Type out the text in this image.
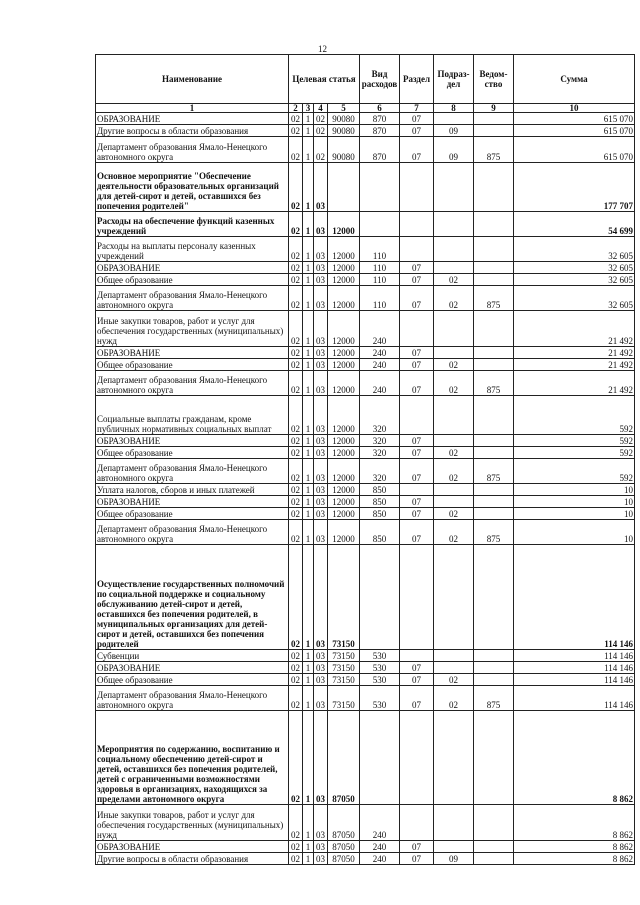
12
Наименование	Целевая статья				Вид расходов	Раздел	Подраз-дел	Ведом-ство	Сумма
1	2	3	4	5	6	7	8	9	10
ОБРАЗОВАНИЕ	02	1	02	90080	870	07			615 070
Другие вопросы в области образования	02	1	02	90080	870	07	09		615 070
Департамент образования Ямало-Ненецкого автономного округа	02	1	02	90080	870	07	09	875	615 070
Основное мероприятие "Обеспечение деятельности образовательных организаций для детей-сирот и детей, оставшихся без попечения родителей"	02	1	03						177 707
Расходы на обеспечение функций казенных учреждений	02	1	03	12000					54 699
Расходы на выплаты персоналу казенных учреждений	02	1	03	12000	110				32 605
ОБРАЗОВАНИЕ	02	1	03	12000	110	07			32 605
Общее образование	02	1	03	12000	110	07	02		32 605
Департамент образования Ямало-Ненецкого автономного округа	02	1	03	12000	110	07	02	875	32 605
Иные закупки товаров, работ и услуг для обеспечения государственных (муниципальных) нужд	02	1	03	12000	240				21 492
ОБРАЗОВАНИЕ	02	1	03	12000	240	07			21 492
Общее образование	02	1	03	12000	240	07	02		21 492
Департамент образования Ямало-Ненецкого автономного округа	02	1	03	12000	240	07	02	875	21 492
Социальные выплаты гражданам, кроме публичных нормативных социальных выплат	02	1	03	12000	320				592
ОБРАЗОВАНИЕ	02	1	03	12000	320	07			592
Общее образование	02	1	03	12000	320	07	02		592
Департамент образования Ямало-Ненецкого автономного округа	02	1	03	12000	320	07	02	875	592
Уплата налогов, сборов и иных платежей	02	1	03	12000	850				10
ОБРАЗОВАНИЕ	02	1	03	12000	850	07			10
Общее образование	02	1	03	12000	850	07	02		10
Департамент образования Ямало-Ненецкого автономного округа	02	1	03	12000	850	07	02	875	10
Осуществление государственных полномочий по социальной поддержке и социальному обслуживанию детей-сирот и детей, оставшихся без попечения родителей, в муниципальных организациях для детей-сирот и детей, оставшихся без попечения родителей	02	1	03	73150					114 146
Субвенции	02	1	03	73150	530				114 146
ОБРАЗОВАНИЕ	02	1	03	73150	530	07			114 146
Общее образование	02	1	03	73150	530	07	02		114 146
Департамент образования Ямало-Ненецкого автономного округа	02	1	03	73150	530	07	02	875	114 146
Мероприятия по содержанию, воспитанию и социальному обеспечению детей-сирот и детей, оставшихся без попечения родителей, детей с ограниченными возможностями здоровья в организациях, находящихся за пределами автономного округа	02	1	03	87050					8 862
Иные закупки товаров, работ и услуг для обеспечения государственных (муниципальных) нужд	02	1	03	87050	240				8 862
ОБРАЗОВАНИЕ	02	1	03	87050	240	07			8 862
Другие вопросы в области образования	02	1	03	87050	240	07	09		8 862
